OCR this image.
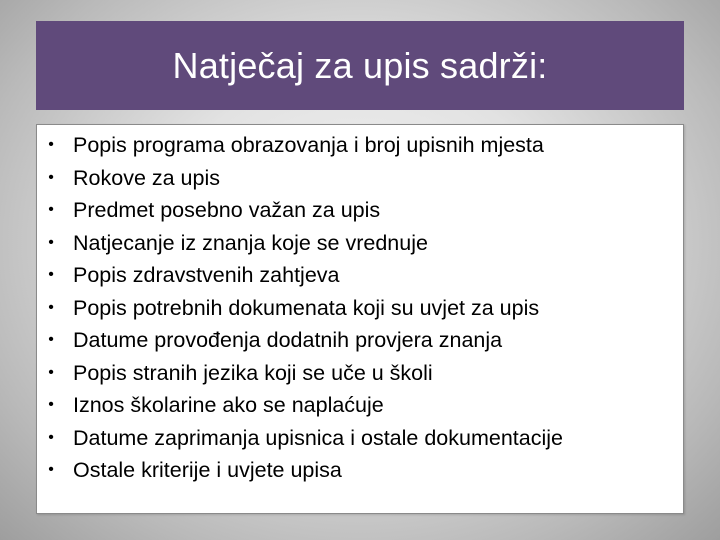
Natječaj za upis sadrži:
• Popis programa obrazovanja i broj upisnih mjesta
• Rokove za upis
• Predmet posebno važan za upis
• Natjecanje iz znanja koje se vrednuje
• Popis zdravstvenih zahtjeva
• Popis potrebnih dokumenata koji su uvjet za upis
• Datume provođenja dodatnih provjera znanja
• Popis stranih jezika koji se uče u školi
• Iznos školarine ako se naplaćuje
• Datume zaprimanja upisnica i ostale dokumentacije
• Ostale kriterije i uvjete upisa
